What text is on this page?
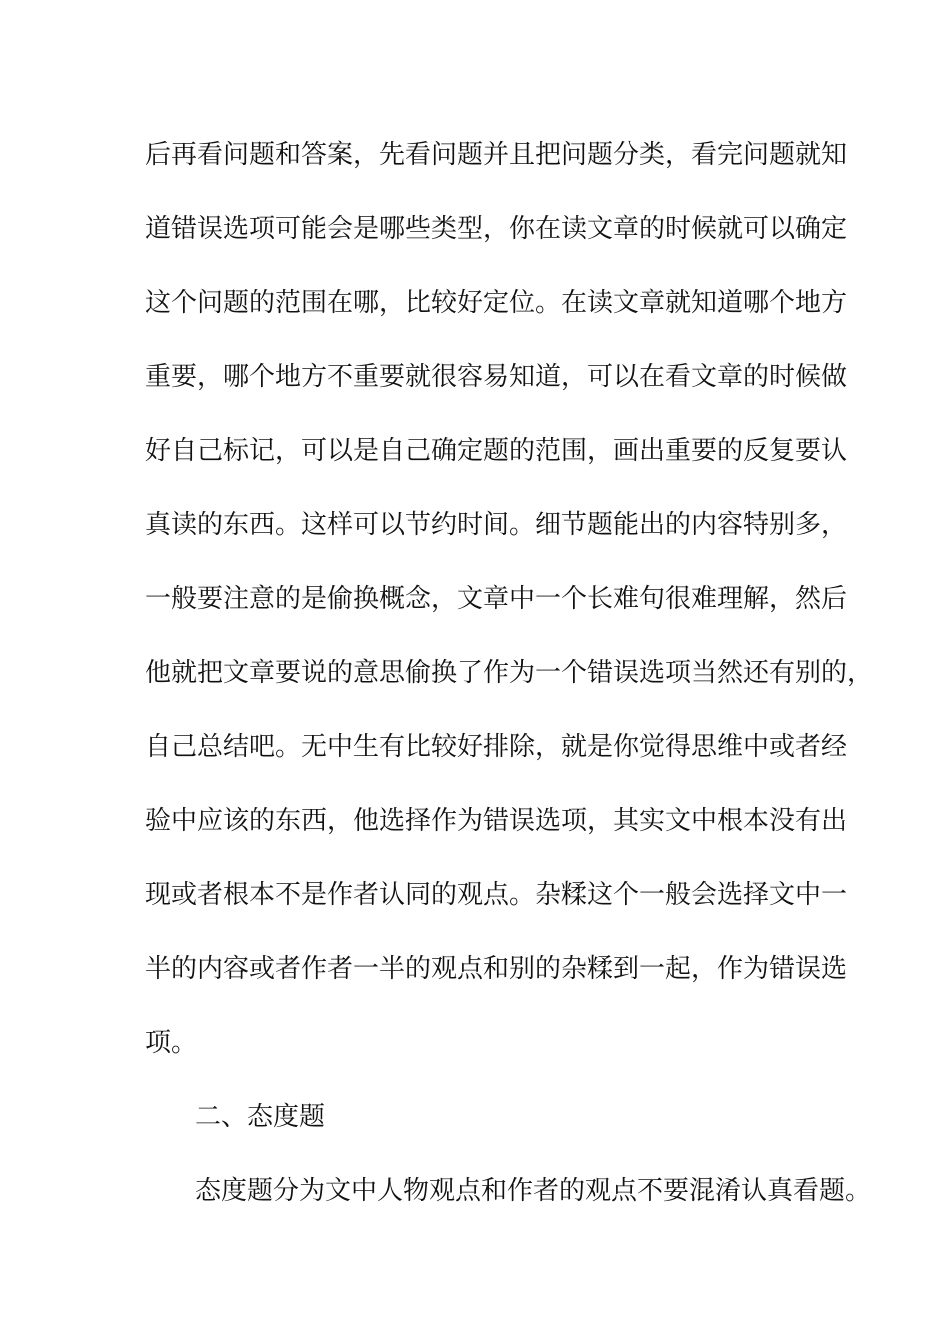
后再看问题和答案，先看问题并且把问题分类，看完问题就知
道错误选项可能会是哪些类型，你在读文章的时候就可以确定
这个问题的范围在哪，比较好定位。在读文章就知道哪个地方
重要，哪个地方不重要就很容易知道，可以在看文章的时候做
好自己标记，可以是自己确定题的范围，画出重要的反复要认
真读的东西。这样可以节约时间。细节题能出的内容特别多，
一般要注意的是偷换概念，文章中一个长难句很难理解，然后
他就把文章要说的意思偷换了作为一个错误选项当然还有别的，
自己总结吧。无中生有比较好排除，就是你觉得思维中或者经
验中应该的东西，他选择作为错误选项，其实文中根本没有出
现或者根本不是作者认同的观点。杂糅这个一般会选择文中一
半的内容或者作者一半的观点和别的杂糅到一起，作为错误选
项。
二、态度题
态度题分为文中人物观点和作者的观点不要混淆认真看题。
